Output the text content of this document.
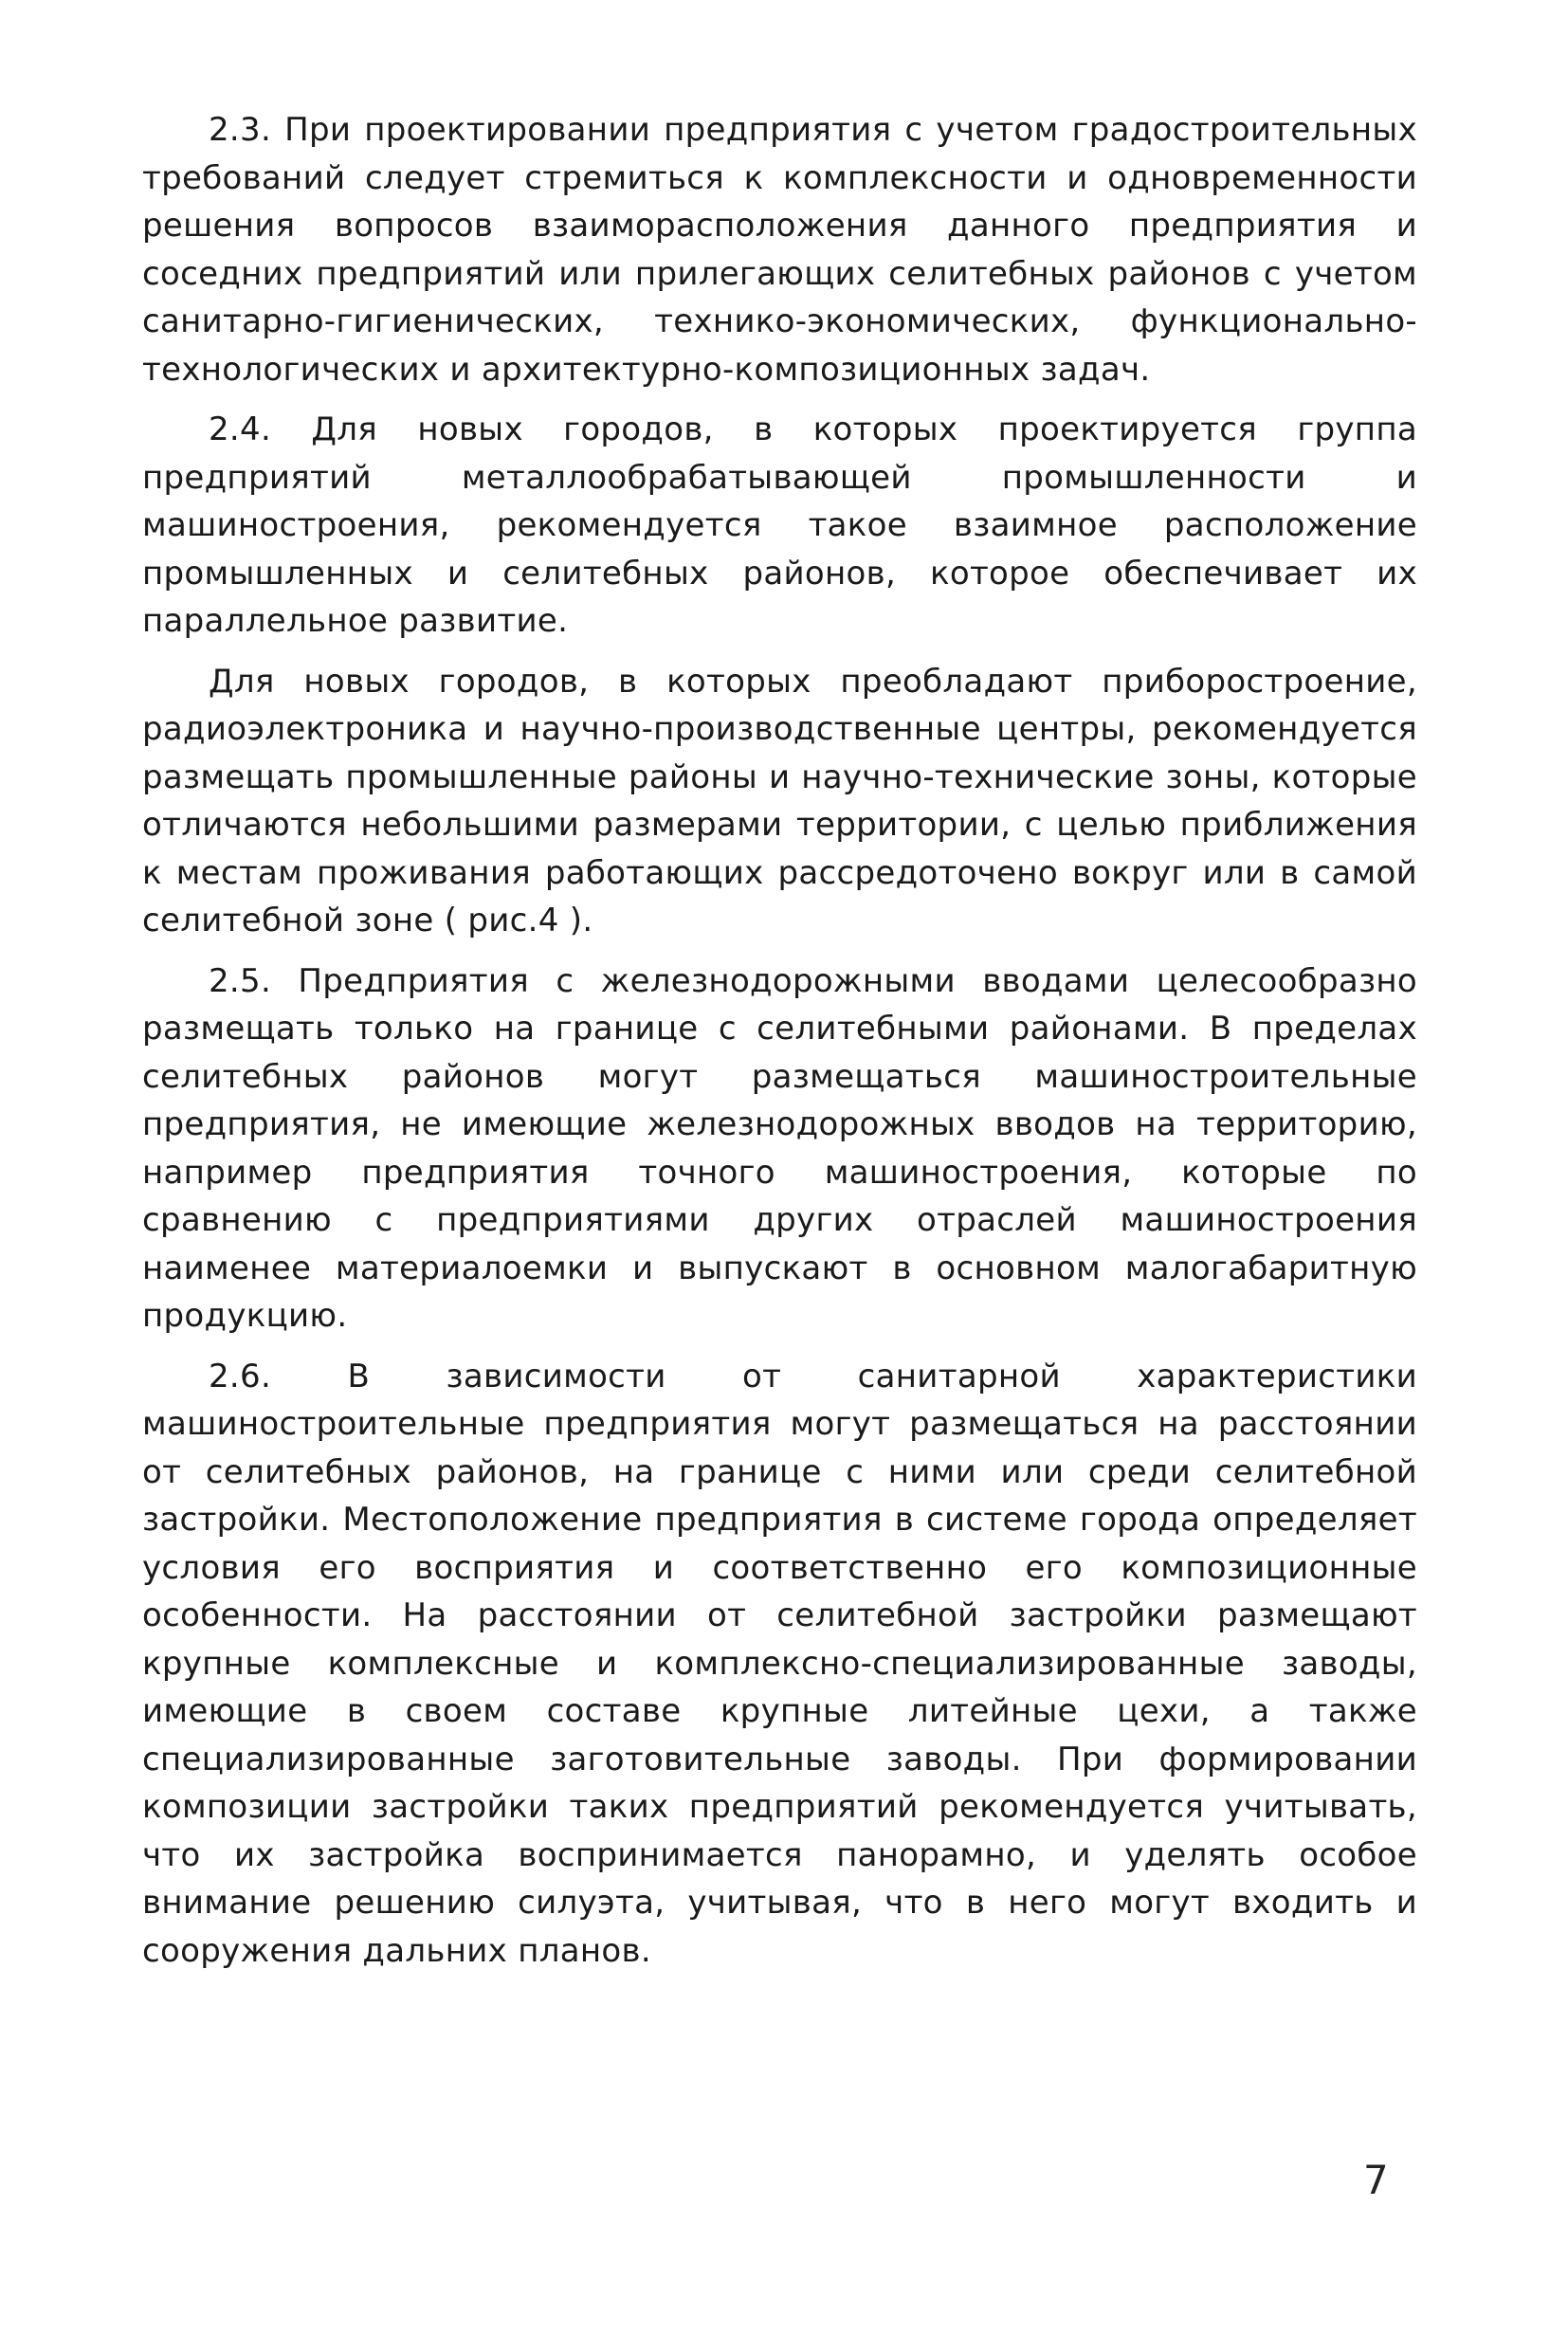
2.3. При проектировании предприятия с учетом градостроительных требований следует стремиться к комплексности и одновременности решения вопросов взаиморасположения данного предприятия и соседних предприятий или прилегающих селитебных районов с учетом санитарно-гигиенических, технико-экономических, функционально-технологических и архитектурно-композиционных задач.

2.4. Для новых городов, в которых проектируется группа предприятий металлообрабатывающей промышленности и машиностроения, рекомендуется такое взаимное расположение промышленных и селитебных районов, которое обеспечивает их параллельное развитие.

Для новых городов, в которых преобладают приборостроение, радиоэлектроника и научно-производственные центры, рекомендуется размещать промышленные районы и научно-технические зоны, которые отличаются небольшими размерами территории, с целью приближения к местам проживания работающих рассредоточено вокруг или в самой селитебной зоне ( рис.4 ).

2.5. Предприятия с железнодорожными вводами целесообразно размещать только на границе с селитебными районами. В пределах селитебных районов могут размещаться машиностроительные предприятия, не имеющие железнодорожных вводов на территорию, например предприятия точного машиностроения, которые по сравнению с предприятиями других отраслей машиностроения наименее материалоемки и выпускают в основном малогабаритную продукцию.

2.6. В зависимости от санитарной характеристики машиностроительные предприятия могут размещаться на расстоянии от селитебных районов, на границе с ними или среди селитебной застройки. Местоположение предприятия в системе города определяет условия его восприятия и соответственно его композиционные особенности. На расстоянии от селитебной застройки размещают крупные комплексные и комплексно-специализированные заводы, имеющие в своем составе крупные литейные цехи, а также специализированные заготовительные заводы. При формировании композиции застройки таких предприятий рекомендуется учитывать, что их застройка воспринимается панорамно, и уделять особое внимание решению силуэта, учитывая, что в него могут входить и сооружения дальних планов.

7
